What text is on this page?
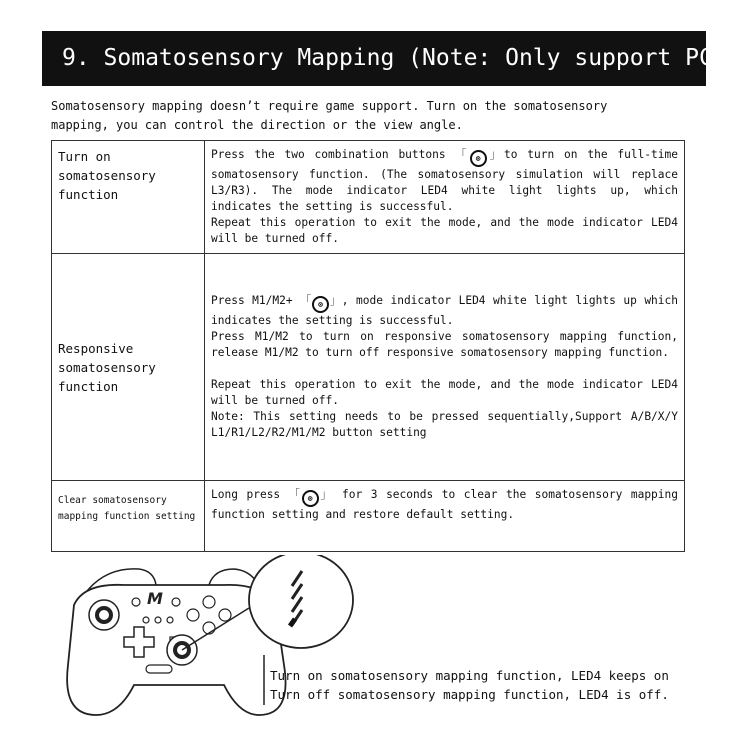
9. Somatosensory Mapping (Note: Only support PC)
Somatosensory mapping doesn’t require game support. Turn on the somatosensory
mapping, you can control the direction or the view angle.
Turn on somatosensory function	Press the two combination buttons 「 ⊗ 」to turn on the full-time somatosensory function. (The somatosensory simulation will replace L3/R3). The mode indicator LED4 white light lights up, which indicates the setting is successful.
Repeat this operation to exit the mode, and the mode indicator LED4 will be turned off.
Responsive somatosensory function	Press M1/M2+ 「 ⊗ 」, mode indicator LED4 white light lights up which indicates the setting is successful.
Press M1/M2 to turn on responsive somatosensory mapping function, release M1/M2 to turn off responsive somatosensory mapping function.
Repeat this operation to exit the mode, and the mode indicator LED4 will be turned off.
Note: This setting needs to be pressed sequentially,Support A/B/X/Y L1/R1/L2/R2/M1/M2 button setting
Clear somatosensory mapping function setting	Long press 「 ⊗ 」 for 3 seconds to clear the somatosensory mapping function setting and restore default setting.
M
Turn on somatosensory mapping function, LED4 keeps on
Turn off somatosensory mapping function, LED4 is off.
